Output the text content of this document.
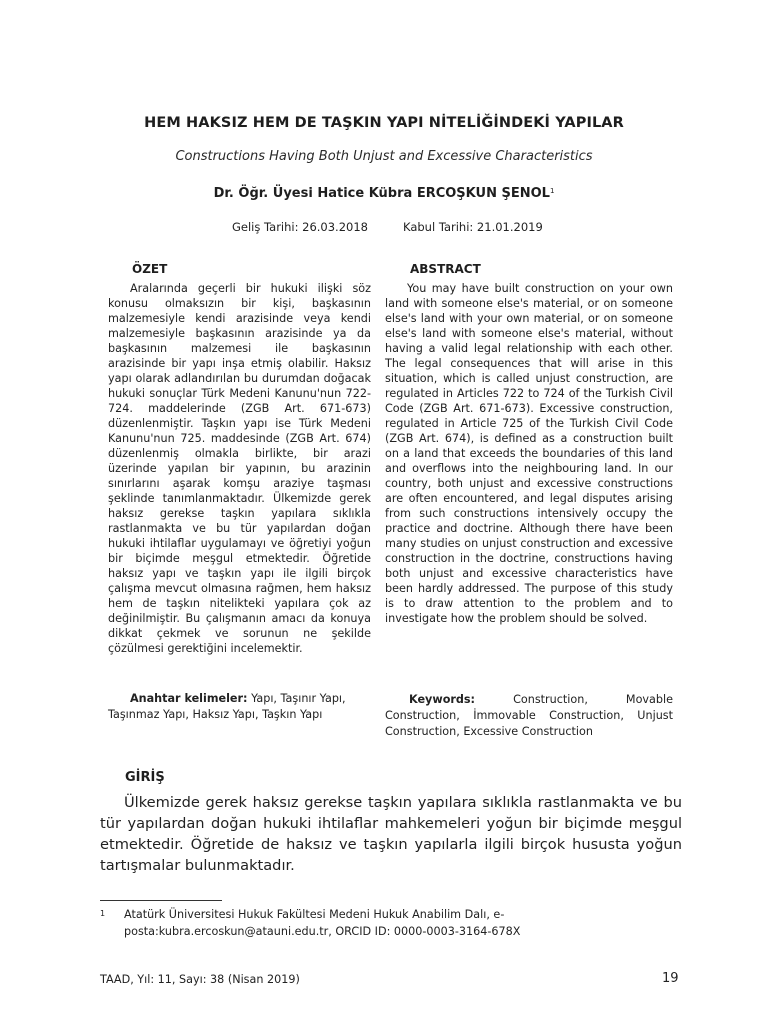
HEM HAKSIZ HEM DE TAŞKIN YAPI NİTELİĞİNDEKİ YAPILAR
Constructions Having Both Unjust and Excessive Characteristics
Dr. Öğr. Üyesi Hatice Kübra ERCOŞKUN ŞENOL$^1$
Geliş Tarihi: 26.03.2018	Kabul Tarihi: 21.01.2019
ÖZET	ABSTRACT

Aralarında geçerli bir hukuki ilişki söz konusu olmaksızın bir kişi, başkasının malzemesiyle kendi arazisinde veya kendi malzemesiyle başkasının arazisinde ya da başkasının malzemesi ile başkasının arazisinde bir yapı inşa etmiş olabilir. Haksız yapı olarak adlandırılan bu durumdan doğacak hukuki sonuçlar Türk Medeni Kanunu'nun 722-724. maddelerinde (ZGB Art. 671-673) düzenlenmiştir. Taşkın yapı ise Türk Medeni Kanunu'nun 725. maddesinde (ZGB Art. 674) düzenlenmiş olmakla birlikte, bir arazi üzerinde yapılan bir yapının, bu arazinin sınırlarını aşarak komşu araziye taşması şeklinde tanımlanmaktadır. Ülkemizde gerek haksız gerekse taşkın yapılara sıklıkla rastlanmakta ve bu tür yapılardan doğan hukuki ihtilaflar uygulamayı ve öğretiyi yoğun bir biçimde meşgul etmektedir. Öğretide haksız yapı ve taşkın yapı ile ilgili birçok çalışma mevcut olmasına rağmen, hem haksız hem de taşkın nitelikteki yapılara çok az değinilmiştir. Bu çalışmanın amacı da konuya dikkat çekmek ve sorunun ne şekilde çözülmesi gerektiğini incelemektir.

You may have built construction on your own land with someone else's material, or on someone else's land with your own material, or on someone else's land with someone else's material, without having a valid legal relationship with each other. The legal consequences that will arise in this situation, which is called unjust construction, are regulated in Articles 722 to 724 of the Turkish Civil Code (ZGB Art. 671-673). Excessive construction, regulated in Article 725 of the Turkish Civil Code (ZGB Art. 674), is defined as a construction built on a land that exceeds the boundaries of this land and overflows into the neighbouring land. In our country, both unjust and excessive constructions are often encountered, and legal disputes arising from such constructions intensively occupy the practice and doctrine. Although there have been many studies on unjust construction and excessive construction in the doctrine, constructions having both unjust and excessive characteristics have been hardly addressed. The purpose of this study is to draw attention to the problem and to investigate how the problem should be solved.

Anahtar kelimeler: Yapı, Taşınır Yapı, Taşınmaz Yapı, Haksız Yapı, Taşkın Yapı
Keywords:	Construction, Movable Construction, İmmovable Construction, Unjust Construction, Excessive Construction
GİRİŞ

Ülkemizde gerek haksız gerekse taşkın yapılara sıklıkla rastlanmakta ve bu tür yapılardan doğan hukuki ihtilaflar mahkemeleri yoğun bir biçimde meşgul etmektedir. Öğretide de haksız ve taşkın yapılarla ilgili birçok hususta yoğun tartışmalar bulunmaktadır.

1 Atatürk Üniversitesi Hukuk Fakültesi Medeni Hukuk Anabilim Dalı, e-posta:kubra.ercoskun@atauni.edu.tr, ORCID ID: 0000-0003-3164-678X
TAAD, Yıl: 11, Sayı: 38 (Nisan 2019)	19
